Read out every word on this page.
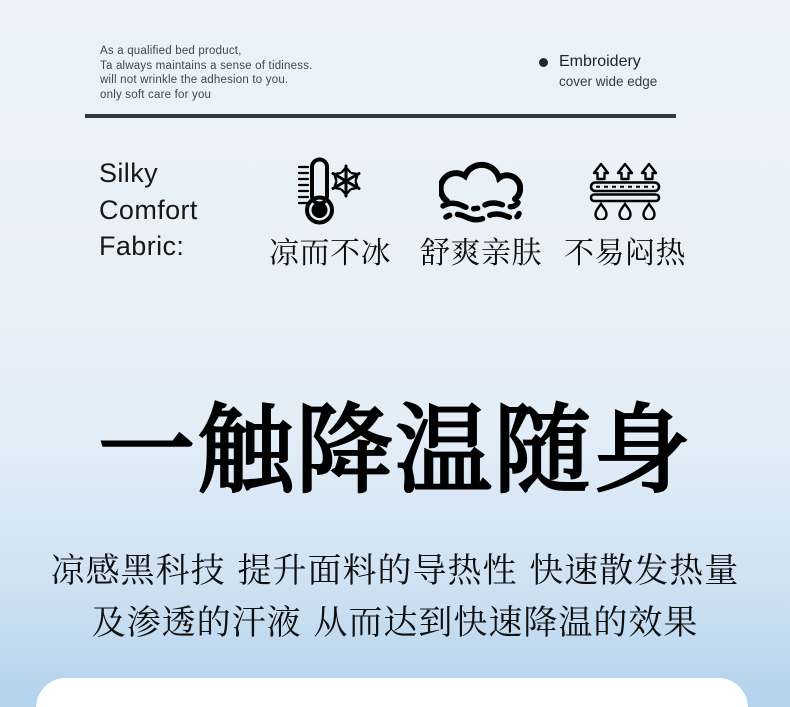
As a qualified bed product,
Ta always maintains a sense of tidiness.
will not wrinkle the adhesion to you.
only soft care for you
Embroidery
cover wide edge
Silky
Comfort
Fabric:	凉而不冰 舒爽亲肤 不易闷热
一触降温随身
凉感黑科技 提升面料的导热性 快速散发热量
及渗透的汗液 从而达到快速降温的效果
